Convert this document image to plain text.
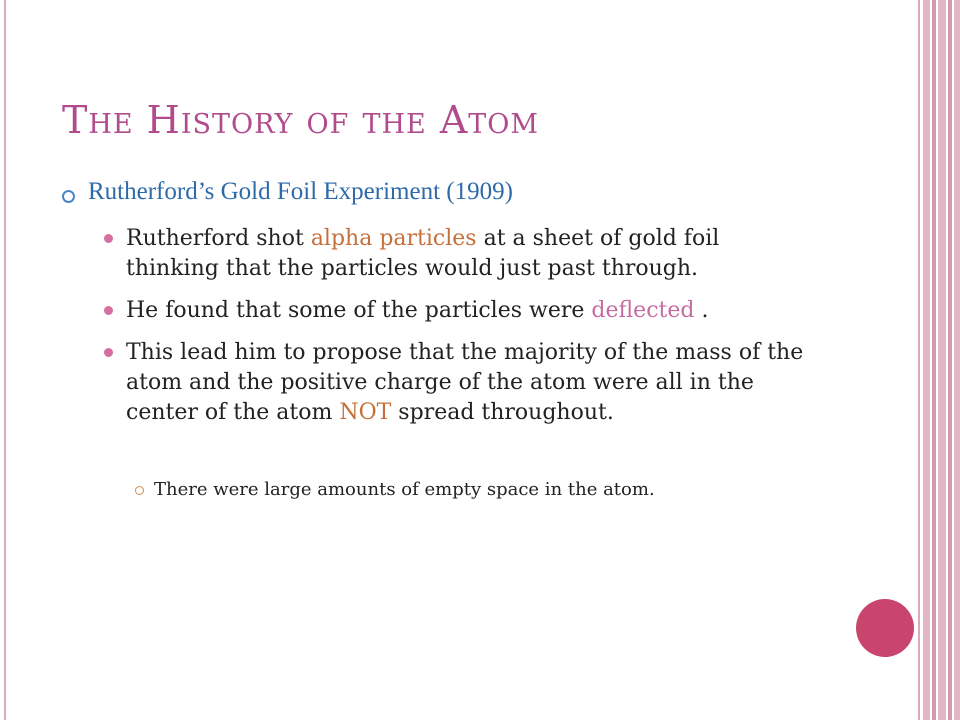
The History of the Atom
Rutherford’s Gold Foil Experiment (1909)
Rutherford shot alpha particles at a sheet of gold foil thinking that the particles would just past through.
He found that some of the particles were deflected .
This lead him to propose that the majority of the mass of the atom and the positive charge of the atom were all in the center of the atom NOT spread throughout.
There were large amounts of empty space in the atom.
